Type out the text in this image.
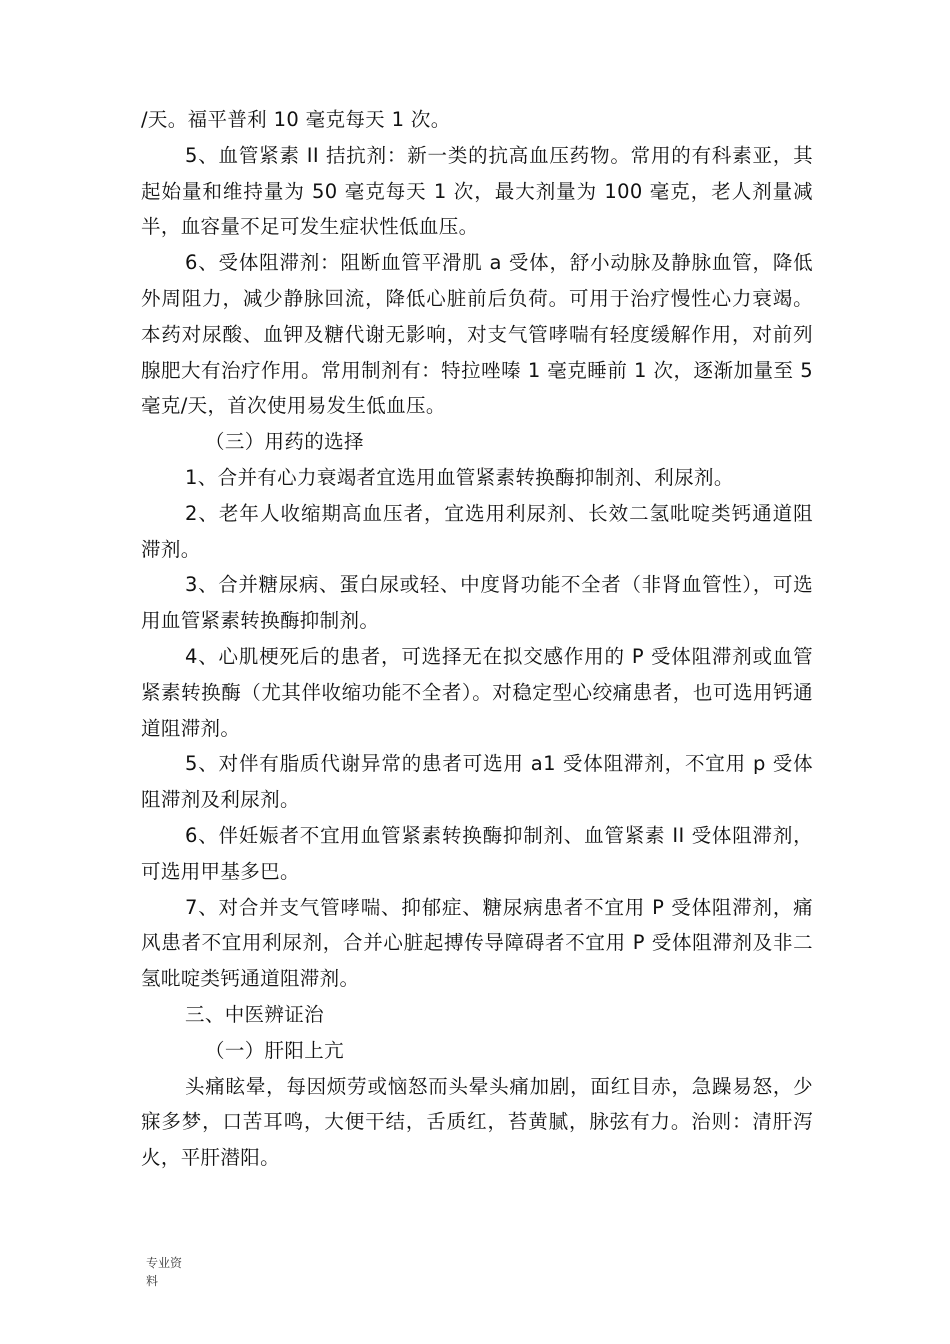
/天。福平普利 10 毫克每天 1 次。

5、血管紧素 II 拮抗剂：新一类的抗高血压药物。常用的有科素亚，其起始量和维持量为 50 毫克每天 1 次，最大剂量为 100 毫克，老人剂量减半，血容量不足可发生症状性低血压。

6、受体阻滞剂：阻断血管平滑肌 a 受体，舒小动脉及静脉血管，降低外周阻力，减少静脉回流，降低心脏前后负荷。可用于治疗慢性心力衰竭。本药对尿酸、血钾及糖代谢无影响，对支气管哮喘有轻度缓解作用，对前列腺肥大有治疗作用。常用制剂有：特拉唑嗪 1 毫克睡前 1 次，逐渐加量至 5 毫克/天，首次使用易发生低血压。

（三）用药的选择

1、合并有心力衰竭者宜选用血管紧素转换酶抑制剂、利尿剂。

2、老年人收缩期高血压者，宜选用利尿剂、长效二氢吡啶类钙通道阻滞剂。

3、合并糖尿病、蛋白尿或轻、中度肾功能不全者（非肾血管性），可选用血管紧素转换酶抑制剂。

4、心肌梗死后的患者，可选择无在拟交感作用的 P 受体阻滞剂或血管紧素转换酶（尤其伴收缩功能不全者）。对稳定型心绞痛患者，也可选用钙通道阻滞剂。

5、对伴有脂质代谢异常的患者可选用 a1 受体阻滞剂，不宜用 p 受体阻滞剂及利尿剂。

6、伴妊娠者不宜用血管紧素转换酶抑制剂、血管紧素 II 受体阻滞剂，可选用甲基多巴。

7、对合并支气管哮喘、抑郁症、糖尿病患者不宜用 P 受体阻滞剂，痛风患者不宜用利尿剂，合并心脏起搏传导障碍者不宜用 P 受体阻滞剂及非二氢吡啶类钙通道阻滞剂。

三、中医辨证治

（一）肝阳上亢

头痛眩晕，每因烦劳或恼怒而头晕头痛加剧，面红目赤，急躁易怒，少寐多梦，口苦耳鸣，大便干结，舌质红，苔黄腻，脉弦有力。治则：清肝泻火，平肝潜阳。

专业资
料
